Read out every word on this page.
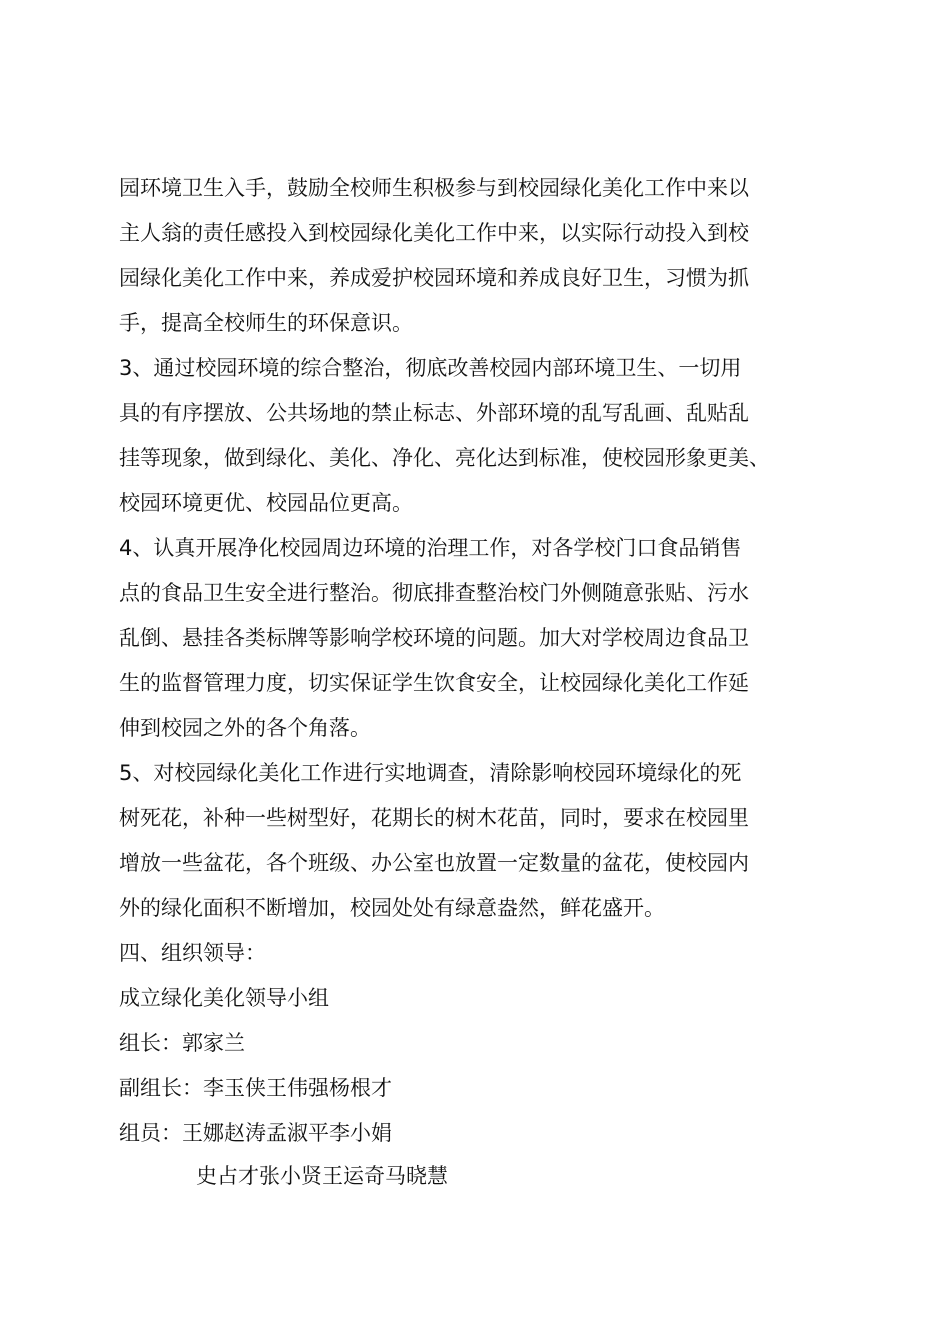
园环境卫生入手，鼓励全校师生积极参与到校园绿化美化工作中来以
主人翁的责任感投入到校园绿化美化工作中来，以实际行动投入到校
园绿化美化工作中来，养成爱护校园环境和养成良好卫生，习惯为抓
手，提高全校师生的环保意识。
3、通过校园环境的综合整治，彻底改善校园内部环境卫生、一切用
具的有序摆放、公共场地的禁止标志、外部环境的乱写乱画、乱贴乱
挂等现象，做到绿化、美化、净化、亮化达到标准，使校园形象更美、
校园环境更优、校园品位更高。
4、认真开展净化校园周边环境的治理工作，对各学校门口食品销售
点的食品卫生安全进行整治。彻底排查整治校门外侧随意张贴、污水
乱倒、悬挂各类标牌等影响学校环境的问题。加大对学校周边食品卫
生的监督管理力度，切实保证学生饮食安全，让校园绿化美化工作延
伸到校园之外的各个角落。
5、对校园绿化美化工作进行实地调查，清除影响校园环境绿化的死
树死花，补种一些树型好，花期长的树木花苗，同时，要求在校园里
增放一些盆花，各个班级、办公室也放置一定数量的盆花，使校园内
外的绿化面积不断增加，校园处处有绿意盎然，鲜花盛开。
四、组织领导：
成立绿化美化领导小组
组长：郭家兰
副组长：李玉侠王伟强杨根才
组员：王娜赵涛孟淑平李小娟
史占才张小贤王运奇马晓慧
